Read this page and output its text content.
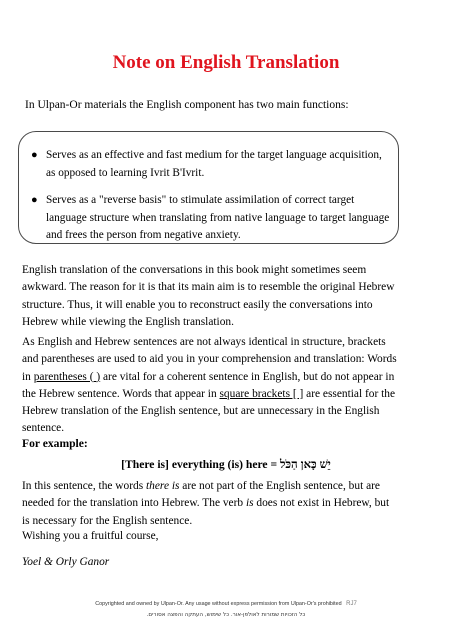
Note on English Translation
In Ulpan-Or materials the English component has two main functions:
● Serves as an effective and fast medium for the target language acquisition,
as opposed to learning Ivrit B'Ivrit.
● Serves as a "reverse basis" to stimulate assimilation of correct target
language structure when translating from native language to target language
and frees the person from negative anxiety.
English translation of the conversations in this book might sometimes seem
awkward. The reason for it is that its main aim is to resemble the original Hebrew
structure. Thus, it will enable you to reconstruct easily the conversations into
Hebrew while viewing the English translation.
As English and Hebrew sentences are not always identical in structure, brackets
and parentheses are used to aid you in your comprehension and translation: Words
in parentheses ( ) are vital for a coherent sentence in English, but do not appear in
the Hebrew sentence. Words that appear in square brackets [ ] are essential for the
Hebrew translation of the English sentence, but are unnecessary in the English
sentence.
For example:
[There is] everything (is) here = יֵשׁ כָּאן הַכֹּל
In this sentence, the words there is are not part of the English sentence, but are
needed for the translation into Hebrew. The verb is does not exist in Hebrew, but
is necessary for the English sentence.
Wishing you a fruitful course,
Yoel & Orly Ganor
Copyrighted and owned by Ulpan-Or. Any usage without express permission from Ulpan-Or's prohibited RJ7
כל הזכויות שמורות לאולפן-אור. כל שימוש, העתקה והפצה אסורים.
